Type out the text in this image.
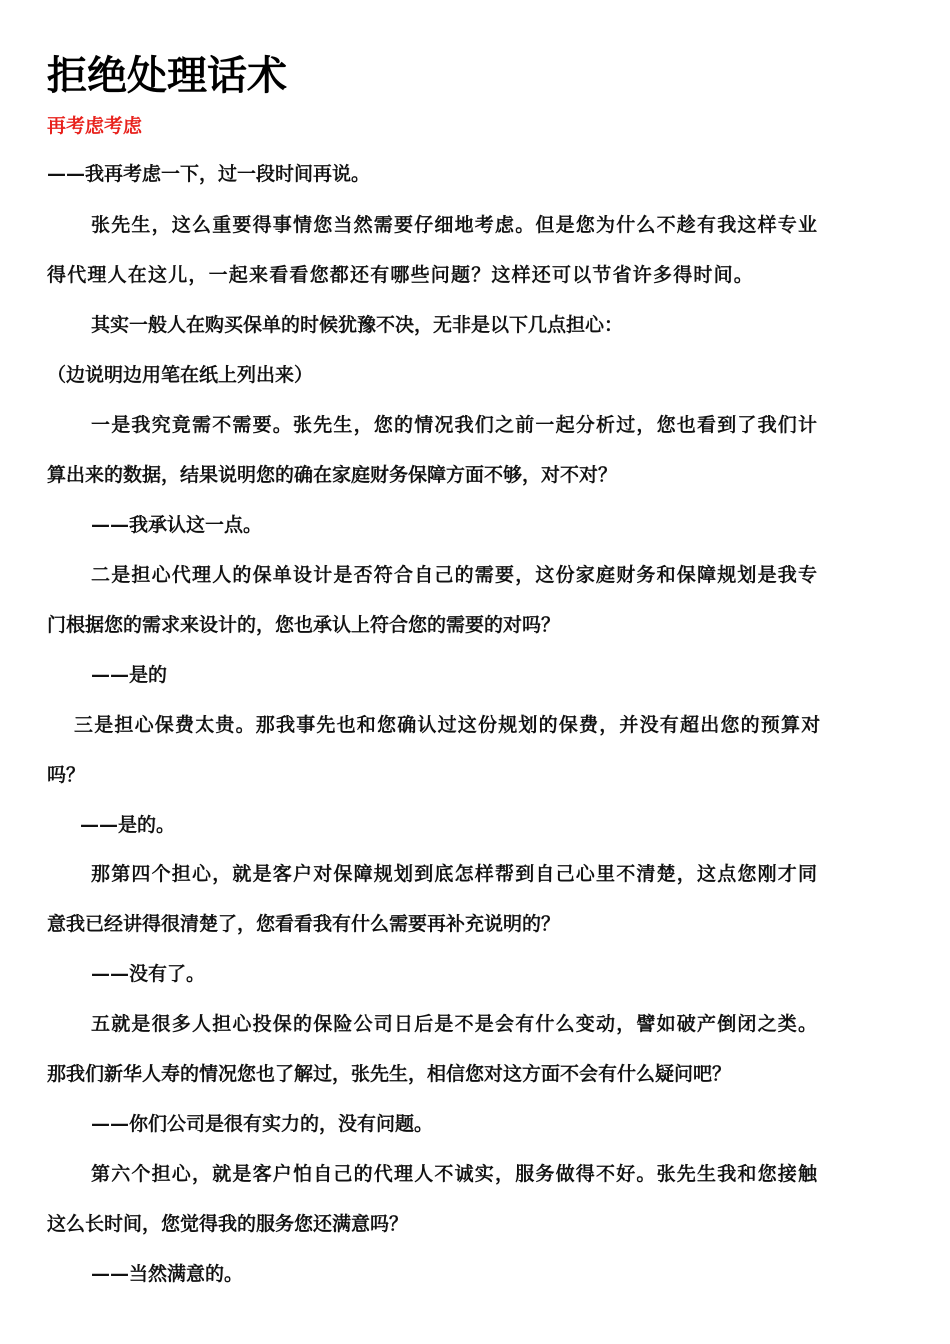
拒绝处理话术
再考虑考虑
——我再考虑一下，过一段时间再说。
张先生，这么重要得事情您当然需要仔细地考虑。但是您为什么不趁有我这样专业
得代理人在这儿，一起来看看您都还有哪些问题？这样还可以节省许多得时间。
其实一般人在购买保单的时候犹豫不决，无非是以下几点担心：
（边说明边用笔在纸上列出来）
一是我究竟需不需要。张先生，您的情况我们之前一起分析过，您也看到了我们计
算出来的数据，结果说明您的确在家庭财务保障方面不够，对不对？
——我承认这一点。
二是担心代理人的保单设计是否符合自己的需要，这份家庭财务和保障规划是我专
门根据您的需求来设计的，您也承认上符合您的需要的对吗？
——是的
三是担心保费太贵。那我事先也和您确认过这份规划的保费，并没有超出您的预算对
吗？
——是的。
那第四个担心，就是客户对保障规划到底怎样帮到自己心里不清楚，这点您刚才同
意我已经讲得很清楚了，您看看我有什么需要再补充说明的？
——没有了。
五就是很多人担心投保的保险公司日后是不是会有什么变动，譬如破产倒闭之类。
那我们新华人寿的情况您也了解过，张先生，相信您对这方面不会有什么疑问吧？
——你们公司是很有实力的，没有问题。
第六个担心，就是客户怕自己的代理人不诚实，服务做得不好。张先生我和您接触
这么长时间，您觉得我的服务您还满意吗？
——当然满意的。
